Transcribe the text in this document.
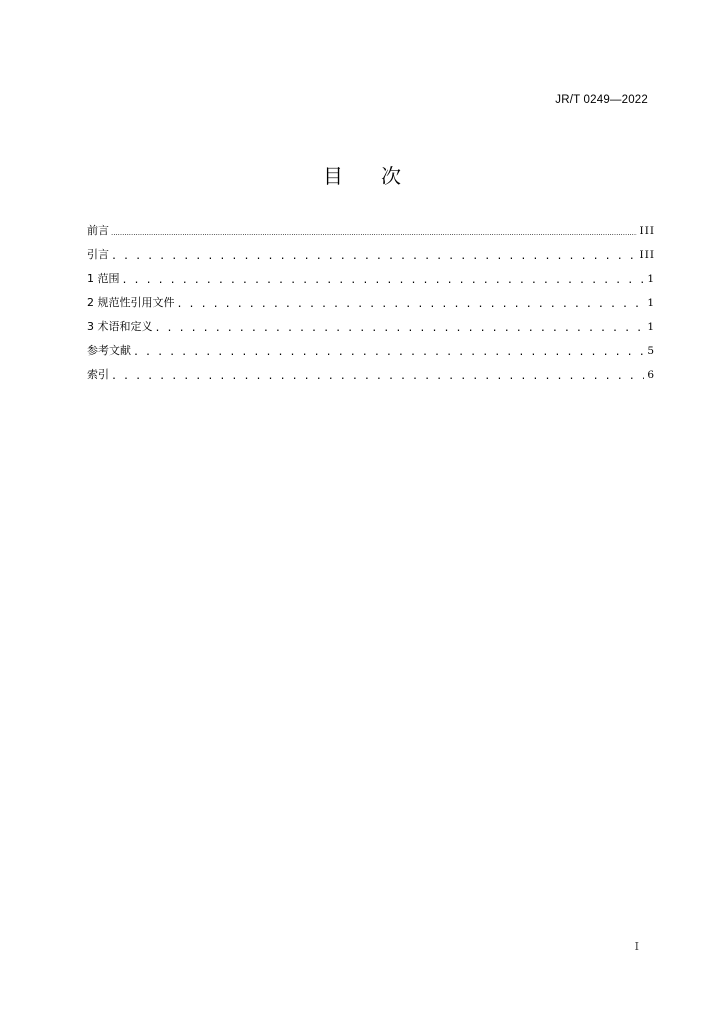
JR/T 0249—2022
目 次
前言 .....	III
引言 . . .	III
1 范围 . . .	1
2 规范性引用文件 . . .	1
3 术语和定义 . . .	1
参考文献 . . .	5
索引 . . .	6
I
